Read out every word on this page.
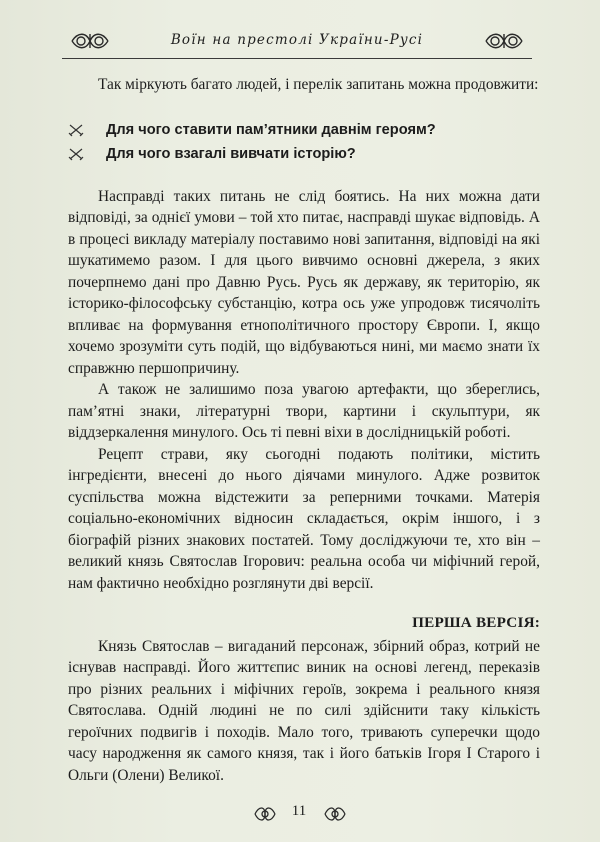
Воїн на престолі України-Русі

Так міркують багато людей, і перелік запитань можна продовжити:

Для чого ставити пам’ятники давнім героям?
Для чого взагалі вивчати історію?

Насправді таких питань не слід боятись. На них можна дати відповіді, за однієї умови – той хто питає, насправді шукає відповідь. А в процесі викладу матеріалу поставимо нові запитання, відповіді на які шукатимемо разом. І для цього вивчимо основні джерела, з яких почерпнемо дані про Давню Русь. Русь як державу, як територію, як історико-філософську субстанцію, котра ось уже упродовж тисячоліть впливає на формування етнополітичного простору Європи. І, якщо хочемо зрозуміти суть подій, що відбуваються нині, ми маємо знати їх справжню першопричину.

А також не залишимо поза увагою артефакти, що збереглись, пам’ятні знаки, літературні твори, картини і скульптури, як віддзеркалення минулого. Ось ті певні віхи в дослідницькій роботі.

Рецепт страви, яку сьогодні подають політики, містить інгредієнти, внесені до нього діячами минулого. Адже розвиток суспільства можна відстежити за реперними точками. Матерія соціально-економічних відносин складається, окрім іншого, і з біографій різних знакових постатей. Тому досліджуючи те, хто він – великий князь Святослав Ігорович: реальна особа чи міфічний герой, нам фактично необхідно розглянути дві версії.

ПЕРША ВЕРСІЯ:

Князь Святослав – вигаданий персонаж, збірний образ, котрий не існував насправді. Його життєпис виник на основі легенд, переказів про різних реальних і міфічних героїв, зокрема і реального князя Святослава. Одній людині не по силі здійснити таку кількість героїчних подвигів і походів. Мало того, тривають суперечки щодо часу народження як самого князя, так і його батьків Ігоря І Старого і Ольги (Олени) Великої.

11
